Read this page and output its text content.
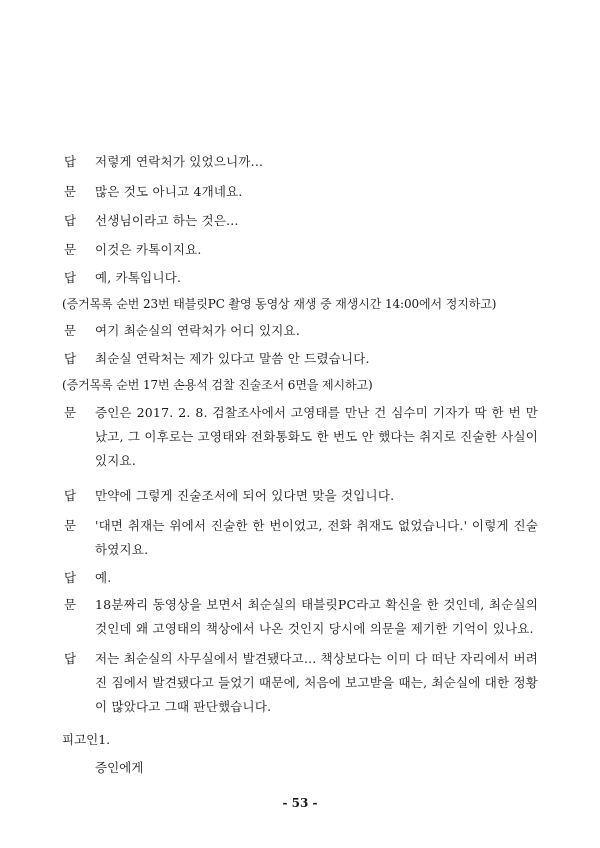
답 저렇게 연락처가 있었으니까...
문 많은 것도 아니고 4개네요.
답 선생님이라고 하는 것은...
문 이것은 카톡이지요.
답 예, 카톡입니다.
(증거목록 순번 23번 태블릿PC 촬영 동영상 재생 중 재생시간 14:00에서 정지하고)
문 여기 최순실의 연락처가 어디 있지요.
답 최순실 연락처는 제가 있다고 말씀 안 드렸습니다.
(증거목록 순번 17번 손용석 검찰 진술조서 6면을 제시하고)
문 증인은 2017. 2. 8. 검찰조사에서 고영태를 만난 건 심수미 기자가 딱 한 번 만났고, 그 이후로는 고영태와 전화통화도 한 번도 안 했다는 취지로 진술한 사실이 있지요.
답 만약에 그렇게 진술조서에 되어 있다면 맞을 것입니다.
문 '대면 취재는 위에서 진술한 한 번이었고, 전화 취재도 없었습니다.' 이렇게 진술하였지요.
답 예.
문 18분짜리 동영상을 보면서 최순실의 태블릿PC라고 확신을 한 것인데, 최순실의 것인데 왜 고영태의 책상에서 나온 것인지 당시에 의문을 제기한 기억이 있나요.
답 저는 최순실의 사무실에서 발견됐다고... 책상보다는 이미 다 떠난 자리에서 버려진 짐에서 발견됐다고 들었기 때문에, 처음에 보고받을 때는, 최순실에 대한 정황이 많았다고 그때 판단했습니다.
피고인1.
증인에게
- 53 -
